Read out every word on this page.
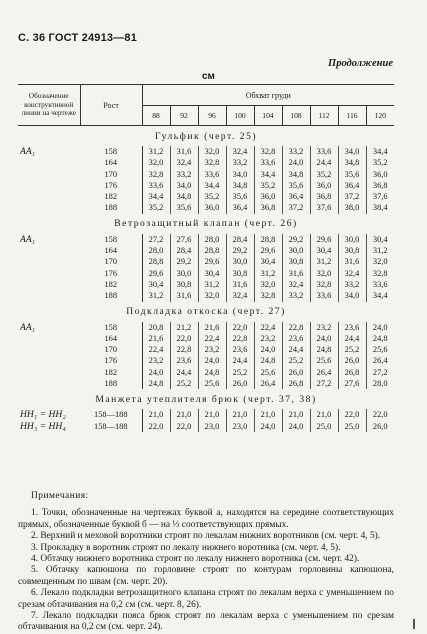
С. 36 ГОСТ 24913—81
Продолжение
см
Обозначение конструктивной линии на чертеже	Рост	Обхват груди								
		88	92	96	100	104	108	112	116	120
Гульфик (черт. 25)										
АА₁	158	31,2	31,6	32,0	32,4	32,8	33,2	33,6	34,0	34,4
	164	32,0	32,4	32,8	33,2	33,6	24,0	24,4	34,8	35,2
	170	32,8	33,2	33,6	34,0	34,4	34,8	35,2	35,6	36,0
	176	33,6	34,0	34,4	34,8	35,2	35,6	36,0	36,4	36,8
	182	34,4	34,8	35,2	35,6	36,0	36,4	36,8	37,2	37,6
	188	35,2	35,6	36,0	36,4	36,8	37,2	37,6	38,0	38,4
Ветрозащитный клапан (черт. 26)										
АА₁	158	27,2	27,6	28,0	28,4	28,8	29,2	29,6	30,0	30,4
	164	28,0	28,4	28,8	29,2	29,6	30,0	30,4	30,8	31,2
	170	28,8	29,2	29,6	30,0	30,4	30,8	31,2	31,6	32,0
	176	29,6	30,0	30,4	30,8	31,2	31,6	32,0	32,4	32,8
	182	30,4	30,8	31,2	31,6	32,0	32,4	32,8	33,2	33,6
	188	31,2	31,6	32,0	32,4	32,8	33,2	33,6	34,0	34,4
Подкладка откоска (черт. 27)										
АА₁	158	20,8	21,2	21,6	22,0	22,4	22,8	23,2	23,6	24,0
	164	21,6	22,0	22,4	22,8	23,2	23,6	24,0	24,4	24,8
	170	22,4	22,8	23,2	23,6	24,0	24,4	24,8	25,2	25,6
	176	23,2	23,6	24,0	24,4	24,8	25,2	25,6	26,0	26,4
	182	24,0	24,4	24,8	25,2	25,6	26,0	26,4	26,8	27,2
	188	24,8	25,2	25,6	26,0	26,4	26,8	27,2	27,6	28,0
Манжета утеплителя брюк (черт. 37, 38)										
НН₁ = НН₂	158—188	21,0	21,0	21,0	21,0	21,0	21,0	21,0	22,0	22,0
НН₃ = НН₄	158—188	22,0	22,0	23,0	23,0	24,0	24,0	25,0	25,0	26,0
Примечания:

1. Точки, обозначенные на чертежах буквой а, находятся на середине соответствующих прямых, обозначенные буквой б — на ⅓ соответствующих прямых.

2. Верхний и меховой воротники строят по лекалам нижних воротников (см. черт. 4, 5).

3. Прокладку в воротник строят по лекалу нижнего воротника (см. черт. 4, 5).

4. Обтачку нижнего воротника строят по лекалу нижнего воротника (см. черт. 42).

5. Обтачку капюшона по горловине строят по контурам горловины капюшона, совмещенным по швам (см. черт. 20).

6. Лекало подкладки ветрозащитного клапана строят по лекалам верха с уменьшением по срезам обтачивания на 0,2 см (см. черт. 8, 26).

7. Лекало подкладки пояса брюк строят по лекалам верха с уменьшением по срезам обтачивания на 0,2 см (см. черт. 24).
